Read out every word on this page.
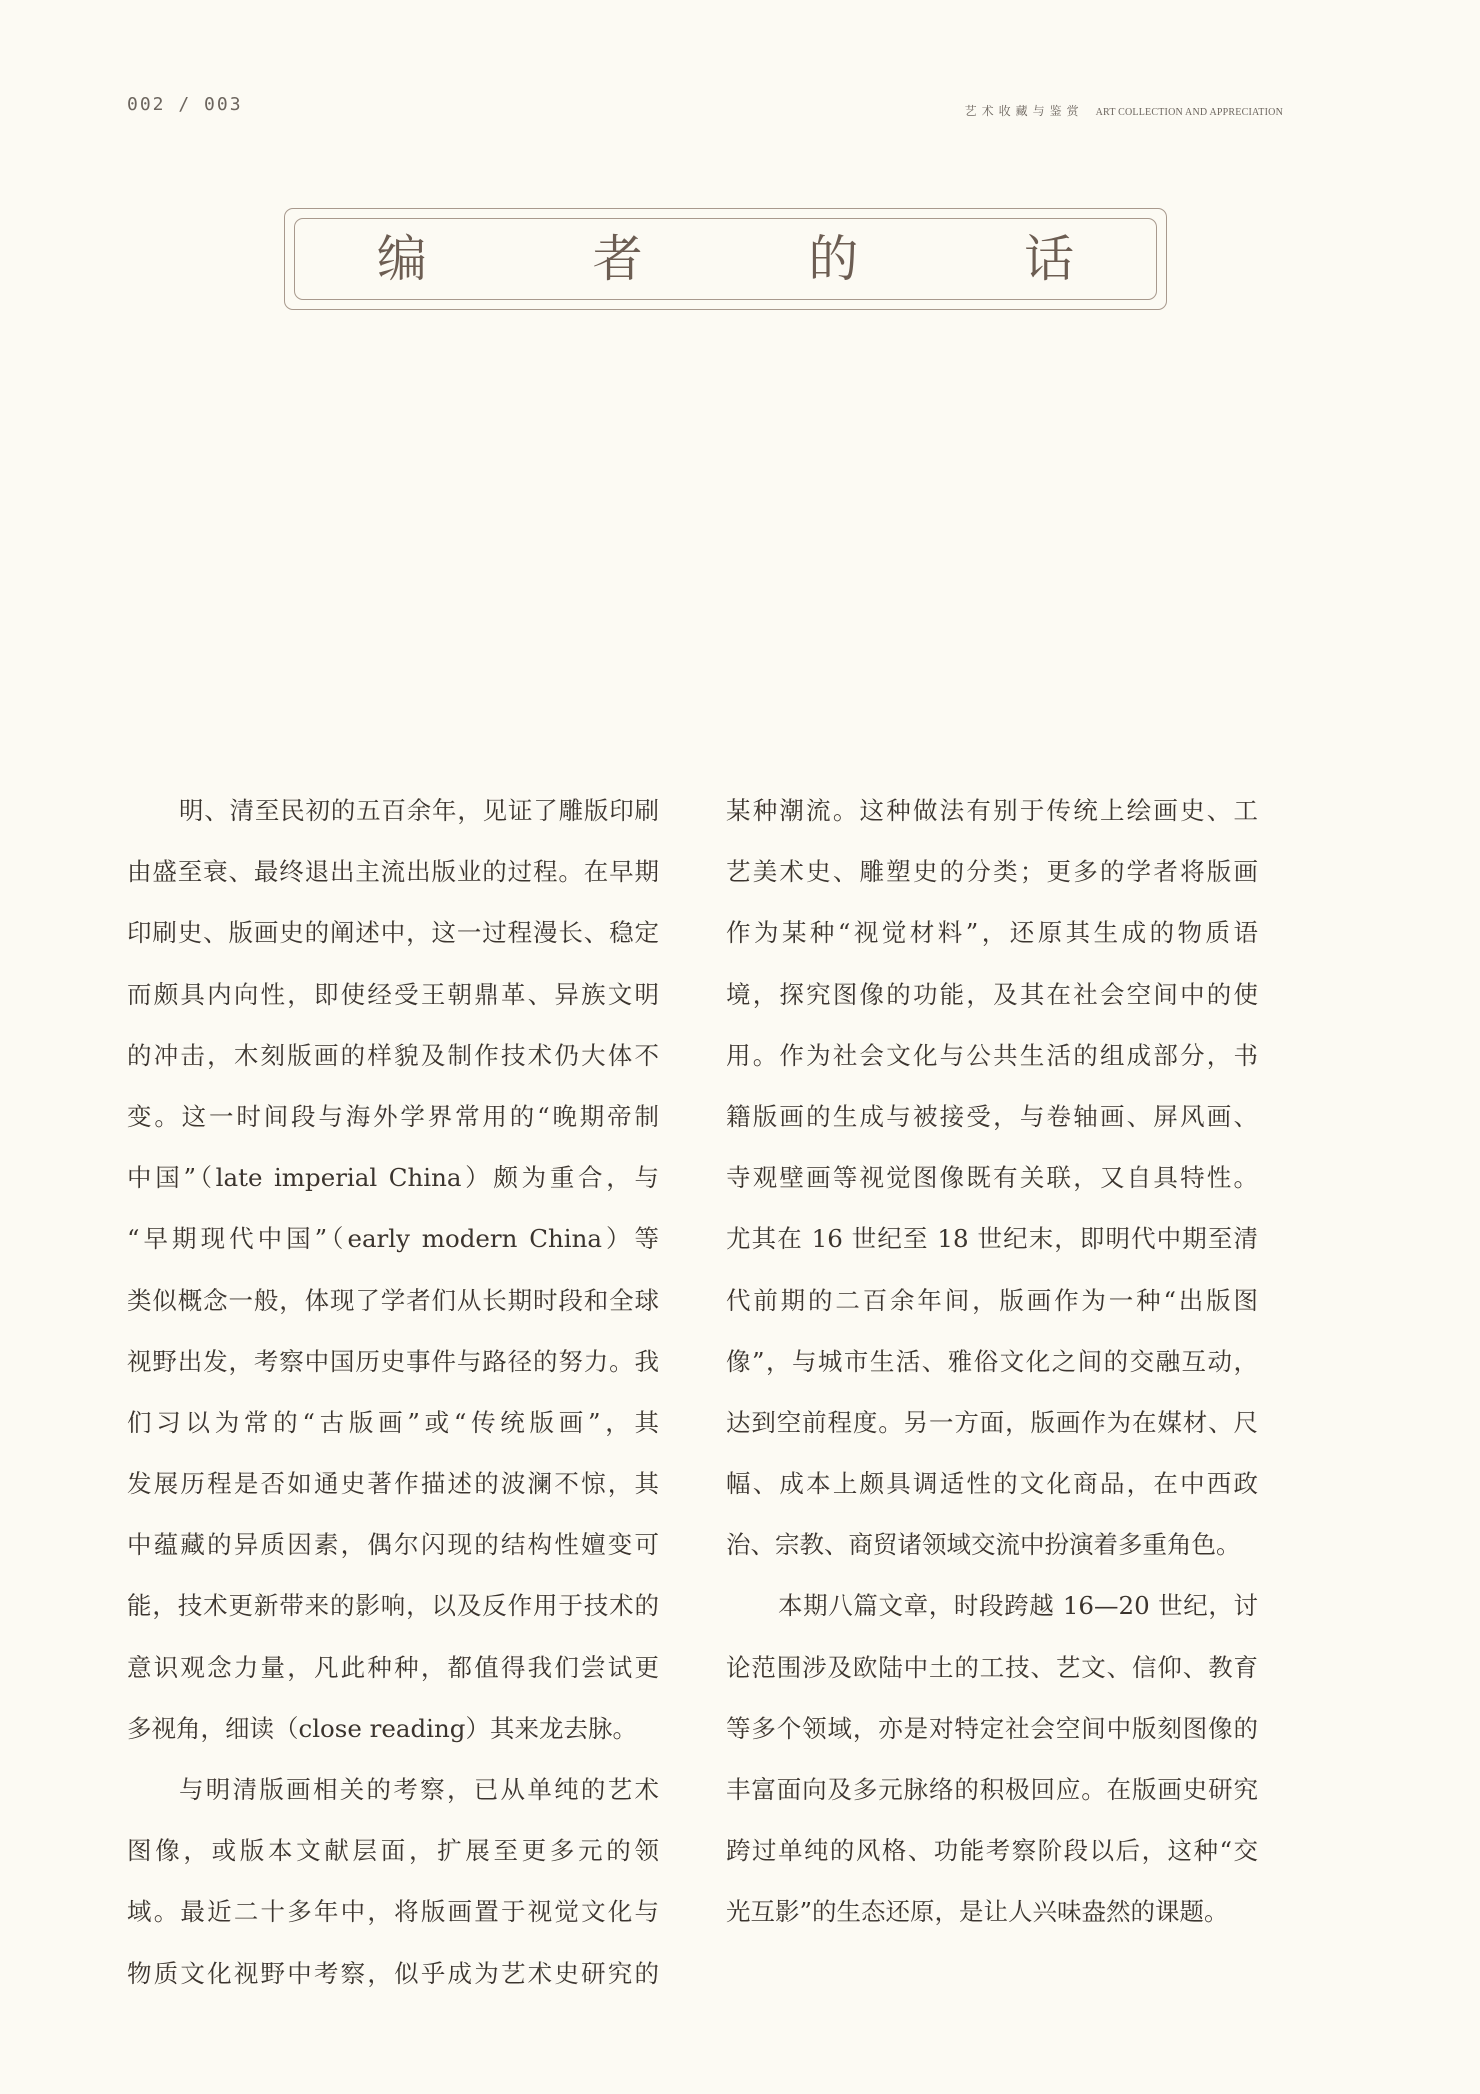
002 / 003	艺术收藏与鉴赏 ART COLLECTION AND APPRECIATION
编	者	的	话
明、清至民初的五百余年，见证了雕版印刷
由盛至衰、最终退出主流出版业的过程。在早期
印刷史、版画史的阐述中，这一过程漫长、稳定
而颇具内向性，即使经受王朝鼎革、异族文明
的冲击，木刻版画的样貌及制作技术仍大体不
变。这一时间段与海外学界常用的“晚期帝制
中国”（late imperial China）颇为重合，与
“早期现代中国”（early modern China）等
类似概念一般，体现了学者们从长期时段和全球
视野出发，考察中国历史事件与路径的努力。我
们习以为常的“古版画”或“传统版画”，其
发展历程是否如通史著作描述的波澜不惊，其
中蕴藏的异质因素，偶尔闪现的结构性嬗变可
能，技术更新带来的影响，以及反作用于技术的
意识观念力量，凡此种种，都值得我们尝试更
多视角，细读（close reading）其来龙去脉。
与明清版画相关的考察，已从单纯的艺术
图像，或版本文献层面，扩展至更多元的领
域。最近二十多年中，将版画置于视觉文化与
物质文化视野中考察，似乎成为艺术史研究的
某种潮流。这种做法有别于传统上绘画史、工
艺美术史、雕塑史的分类；更多的学者将版画
作为某种“视觉材料”，还原其生成的物质语
境，探究图像的功能，及其在社会空间中的使
用。作为社会文化与公共生活的组成部分，书
籍版画的生成与被接受，与卷轴画、屏风画、
寺观壁画等视觉图像既有关联，又自具特性。
尤其在 16 世纪至 18 世纪末，即明代中期至清
代前期的二百余年间，版画作为一种“出版图
像”，与城市生活、雅俗文化之间的交融互动，
达到空前程度。另一方面，版画作为在媒材、尺
幅、成本上颇具调适性的文化商品，在中西政
治、宗教、商贸诸领域交流中扮演着多重角色。
本期八篇文章，时段跨越 16—20 世纪，讨
论范围涉及欧陆中土的工技、艺文、信仰、教育
等多个领域，亦是对特定社会空间中版刻图像的
丰富面向及多元脉络的积极回应。在版画史研究
跨过单纯的风格、功能考察阶段以后，这种“交
光互影”的生态还原，是让人兴味盎然的课题。
